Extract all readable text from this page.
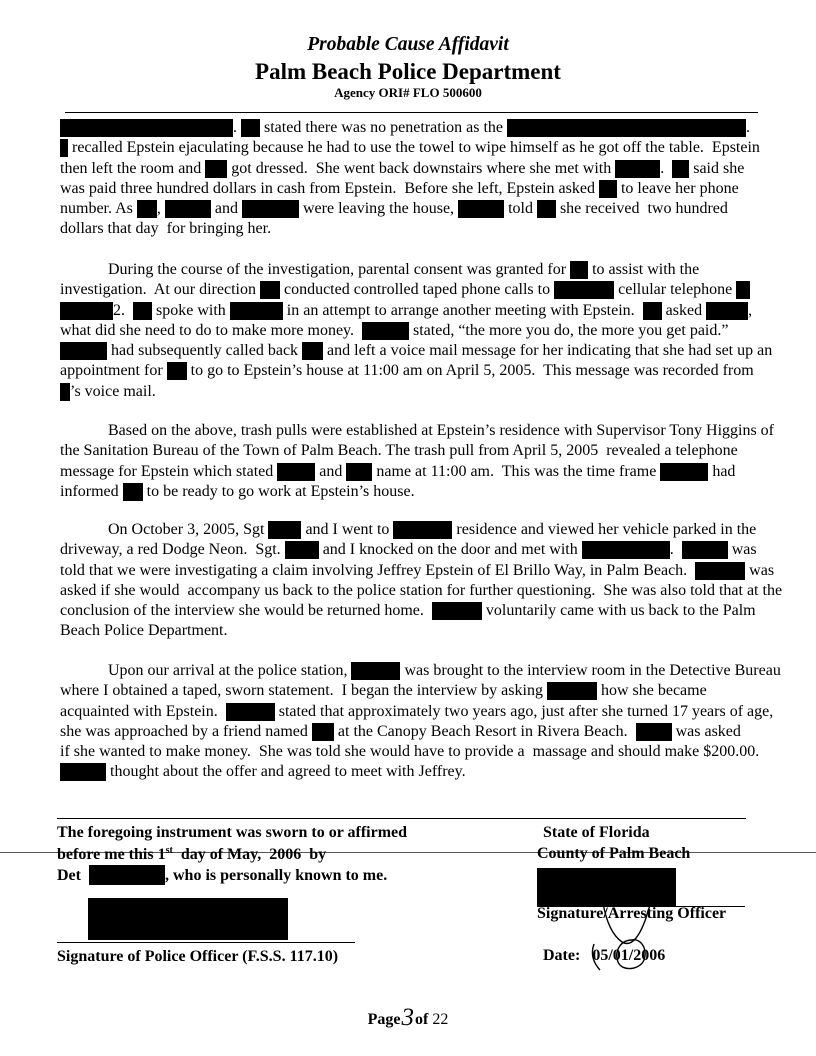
Probable Cause Affidavit
Palm Beach Police Department
Agency ORI# FLO 500600
.  stated there was no penetration as the	.
recalled Epstein ejaculating because he had to use the towel to wipe himself as he got off the table.  Epstein
then left the room and  got dressed.  She went back downstairs where she met with	.   said she
was paid three hundred dollars in cash from Epstein.  Before she left, Epstein asked  to leave her phone
number. As ,	and	were leaving the house,	told  she received  two hundred
dollars that day  for bringing her.
During the course of the investigation, parental consent was granted for  to assist with the
investigation.  At our direction  conducted controlled taped phone calls to	cellular telephone
2.   spoke with	in an attempt to arrange another meeting with Epstein.   asked	,
what did she need to do to make more money.	stated, “the more you do, the more you get paid.”
had subsequently called back  and left a voice mail message for her indicating that she had set up an
appointment for  to go to Epstein’s house at 11:00 am on April 5, 2005.  This message was recorded from
’s voice mail.
Based on the above, trash pulls were established at Epstein’s residence with Supervisor Tony Higgins of
the Sanitation Bureau of the Town of Palm Beach. The trash pull from April 5, 2005  revealed a telephone
message for Epstein which stated  and  name at 11:00 am.  This was the time frame	had
informed  to be ready to go work at Epstein’s house.
On October 3, 2005, Sgt  and I went to	residence and viewed her vehicle parked in the
driveway, a red Dodge Neon.  Sgt.  and I knocked on the door and met with	.	was
told that we were investigating a claim involving Jeffrey Epstein of El Brillo Way, in Palm Beach.	was
asked if she would  accompany us back to the police station for further questioning.  She was also told that at the
conclusion of the interview she would be returned home.	voluntarily came with us back to the Palm
Beach Police Department.
Upon our arrival at the police station,	was brought to the interview room in the Detective Bureau
where I obtained a taped, sworn statement.  I began the interview by asking	how she became
acquainted with Epstein.	stated that approximately two years ago, just after she turned 17 years of age,
she was approached by a friend named  at the Canopy Beach Resort in Rivera Beach.   was asked
if she wanted to make money.  She was told she would have to provide a  massage and should make $200.00.
thought about the offer and agreed to meet with Jeffrey.
The foregoing instrument was sworn to or affirmed
before me this 1st  day of May,  2006  by
Det	, who is personally known to me.
Signature of Police Officer (F.S.S. 117.10)
State of Florida
County of Palm Beach
Signature/Arresting Officer
Date: 05/01/2006
Page3of 22
